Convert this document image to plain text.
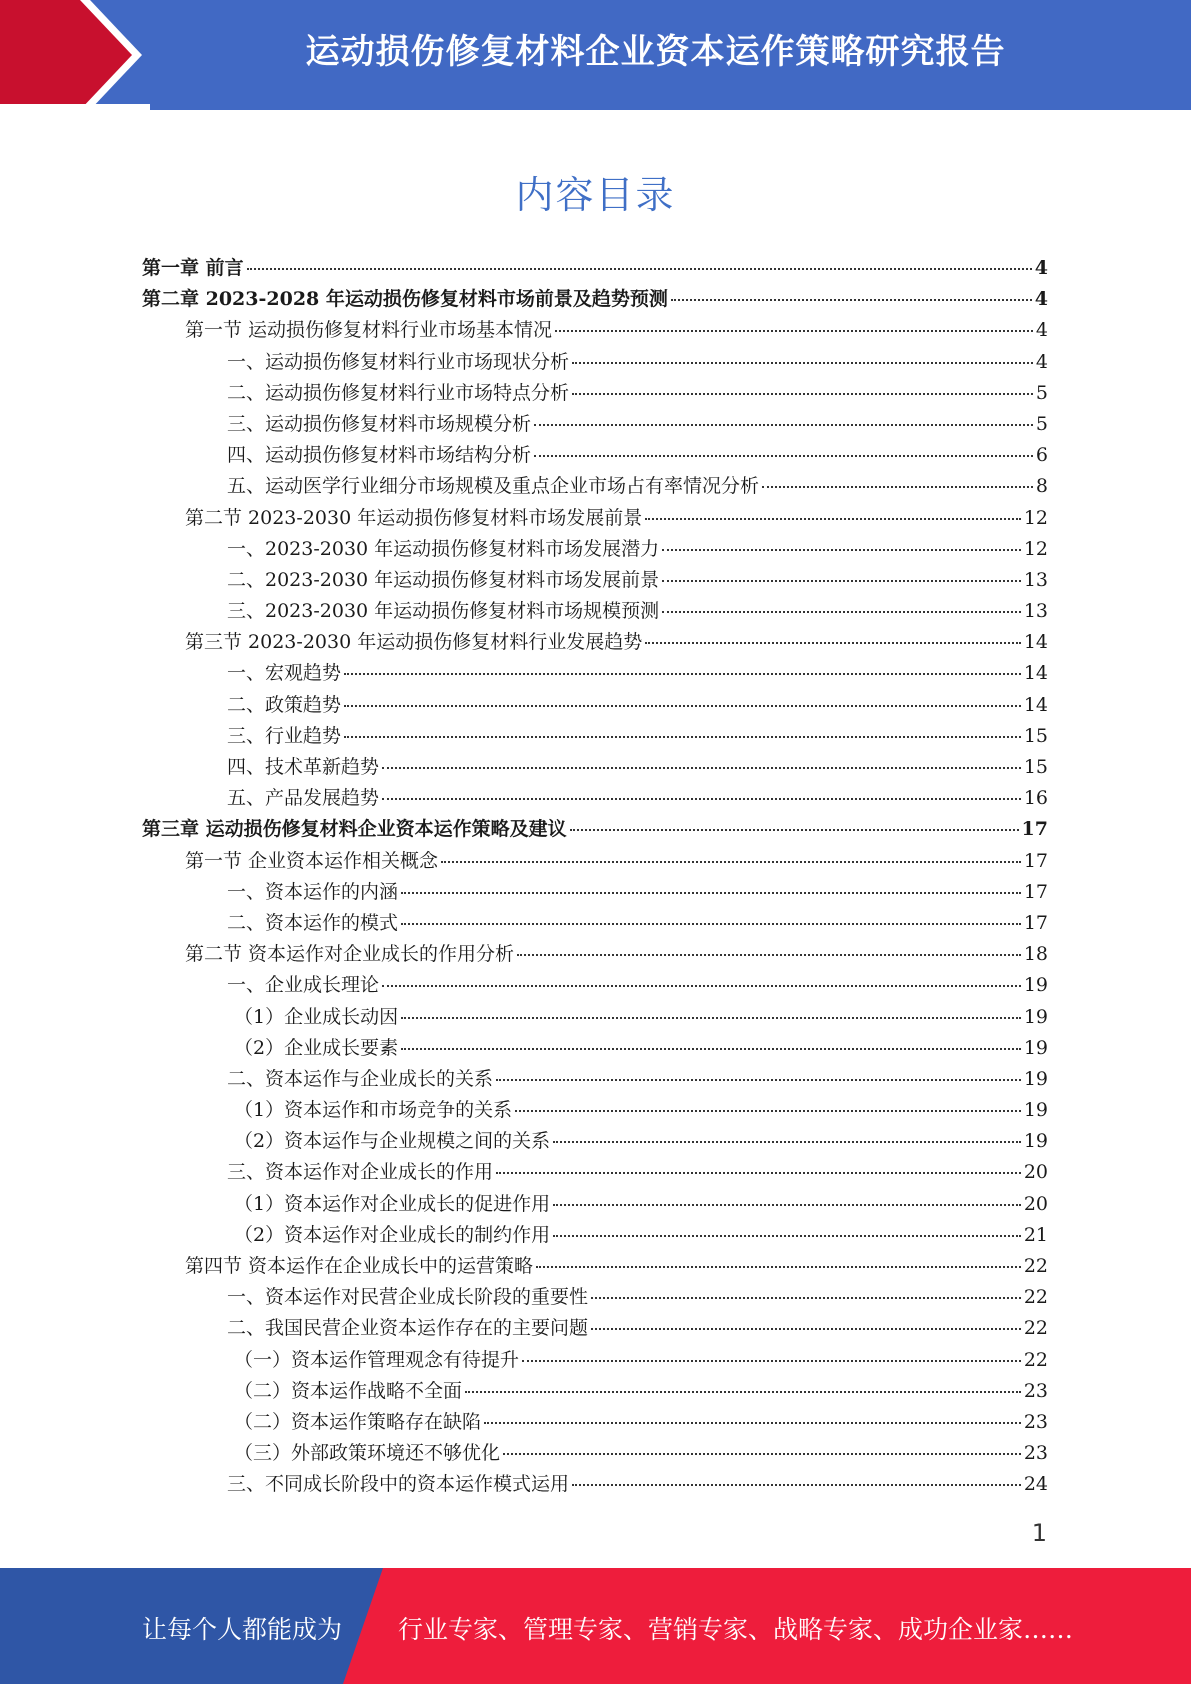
运动损伤修复材料企业资本运作策略研究报告
内容目录
第一章 前言	4
第二章 2023-2028 年运动损伤修复材料市场前景及趋势预测	4
第一节 运动损伤修复材料行业市场基本情况	4
一、运动损伤修复材料行业市场现状分析	4
二、运动损伤修复材料行业市场特点分析	5
三、运动损伤修复材料市场规模分析	5
四、运动损伤修复材料市场结构分析	6
五、运动医学行业细分市场规模及重点企业市场占有率情况分析	8
第二节 2023-2030 年运动损伤修复材料市场发展前景	12
一、2023-2030 年运动损伤修复材料市场发展潜力	12
二、2023-2030 年运动损伤修复材料市场发展前景	13
三、2023-2030 年运动损伤修复材料市场规模预测	13
第三节 2023-2030 年运动损伤修复材料行业发展趋势	14
一、宏观趋势	14
二、政策趋势	14
三、行业趋势	15
四、技术革新趋势	15
五、产品发展趋势	16
第三章 运动损伤修复材料企业资本运作策略及建议	17
第一节 企业资本运作相关概念	17
一、资本运作的内涵	17
二、资本运作的模式	17
第二节 资本运作对企业成长的作用分析	18
一、企业成长理论	19
（1）企业成长动因	19
（2）企业成长要素	19
二、资本运作与企业成长的关系	19
（1）资本运作和市场竞争的关系	19
（2）资本运作与企业规模之间的关系	19
三、资本运作对企业成长的作用	20
（1）资本运作对企业成长的促进作用	20
（2）资本运作对企业成长的制约作用	21
第四节 资本运作在企业成长中的运营策略	22
一、资本运作对民营企业成长阶段的重要性	22
二、我国民营企业资本运作存在的主要问题	22
（一）资本运作管理观念有待提升	22
（二）资本运作战略不全面	23
（二）资本运作策略存在缺陷	23
（三）外部政策环境还不够优化	23
三、不同成长阶段中的资本运作模式运用	24
1
让每个人都能成为 行业专家、管理专家、营销专家、战略专家、成功企业家……
